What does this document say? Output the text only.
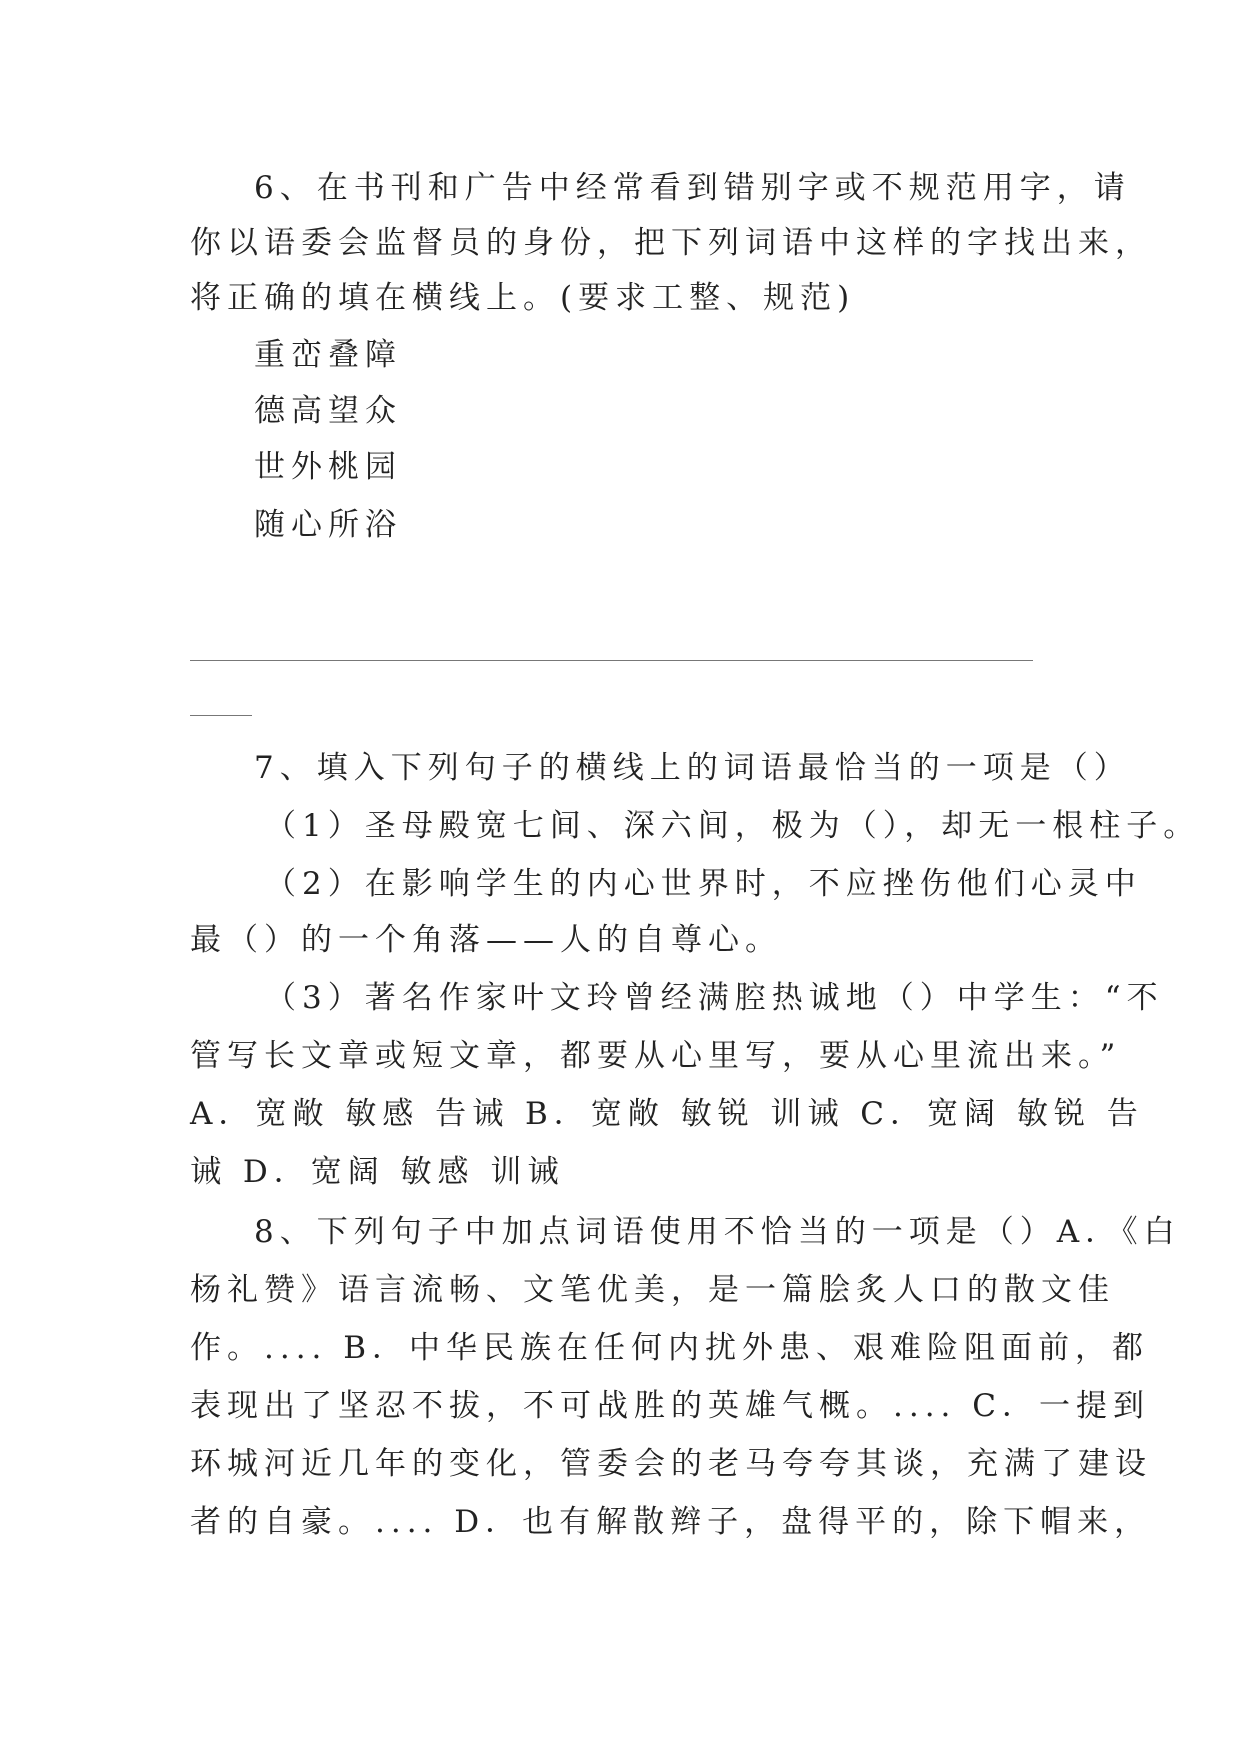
6、在书刊和广告中经常看到错别字或不规范用字，请
你以语委会监督员的身份，把下列词语中这样的字找出来，
将正确的填在横线上。(要求工整、规范)
重峦叠障
德高望众
世外桃园
随心所浴
7、填入下列句子的横线上的词语最恰当的一项是（）
（1）圣母殿宽七间、深六间，极为（），却无一根柱子。
（2）在影响学生的内心世界时，不应挫伤他们心灵中
最（）的一个角落——人的自尊心。
（3）著名作家叶文玲曾经满腔热诚地（）中学生：“不
管写长文章或短文章，都要从心里写，要从心里流出来。”
A．宽敞 敏感 告诫 B．宽敞 敏锐 训诫 C．宽阔 敏锐 告
诫 D．宽阔 敏感 训诫
8、下列句子中加点词语使用不恰当的一项是（）A．《白
杨礼赞》语言流畅、文笔优美，是一篇脍炙人口的散文佳
作。.... B．中华民族在任何内扰外患、艰难险阻面前，都
表现出了坚忍不拔，不可战胜的英雄气概。.... C．一提到
环城河近几年的变化，管委会的老马夸夸其谈，充满了建设
者的自豪。.... D．也有解散辫子，盘得平的，除下帽来，
